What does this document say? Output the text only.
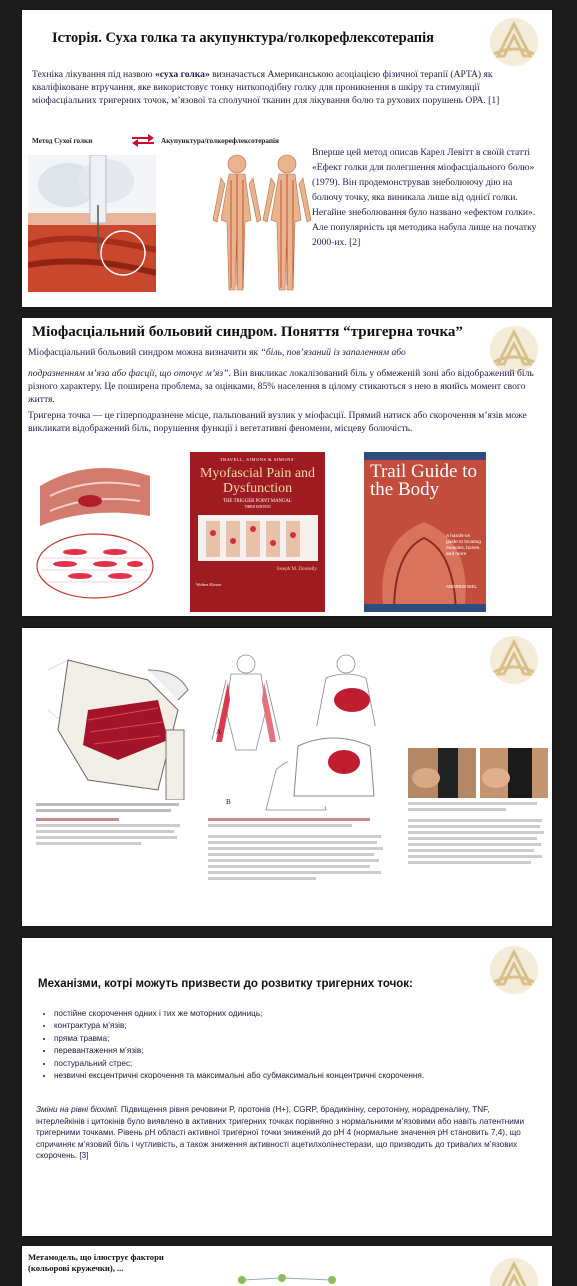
Історія. Суха голка та акупунктура/голкорефлексотерапія
Техніка лікування під назвою «суха голка» визначається Американською асоціацією фізичної терапії (APTA) як кваліфіковане втручання, яке використовує тонку ниткоподібну голку для проникнення в шкіру та стимуляції міофасціальних тригерних точок, м’язової та сполучної тканин для лікування болю та рухових порушень ОРА. [1]
Метод Сухої голки	Акупунктура/голкорефлексотерапія
Вперше цей метод описав Карел Левітт в своїй статті «Ефект голки для полегшення міофасціального болю» (1979). Він продемонстрував знеболюючу дію на болючу точку, яка виникала лише від однієї голки. Негайне знеболювання було названо «ефектом голки». Але популярність ця методика набула лише на початку 2000-их. [2]
Міофасціальний больовий синдром. Поняття “тригерна точка”
Міофасціальний больовий синдром можна визначити як “біль, пов’язаний із запаленням або
подразненням м’яза або фасції, що оточує м’яз”. Він викликає локалізований біль у обмеженій зоні або відображений біль різного характеру. Це поширена проблема, за оцінками, 85% населення в цілому стикаються з нею в якийсь момент свого життя.
Тригерна точка — це гіперподразнене місце, пальпований вузлик у міофасції. Прямий натиск або скорочення м’язів може викликати відображений біль, порушення функції і вегетативні феномени, місцеву болючість.
TRAVELL, SIMONS & SIMONS'
Myofascial Pain and Dysfunction
THE TRIGGER POINT MANUAL
THIRD EDITION
Joseph M. Donnelly
Wolters Kluwer
Trail Guide to the Body
A hands-on guide to locating muscles, bones, and more
ANDREW BIEL
A
B
Механізми, котрі можуть призвести до розвитку тригерних точок:
• постійне скорочення одних і тих же моторних одиниць;
• контрактура м’язів;
• пряма травма;
• перевантаження м’язів;
• постуральний стрес;
• незвичні ексцентричні скорочення та максимальні або субмаксимальні концентричні скорочення.
Зміни на рівні біохімії. Підвищення рівня речовини P, протонів (H+), CGRP, брадикініну, серотоніну, норадреналіну, TNF, інтерлейкінів і цитокінів було виявлено в активних тригерних точках порівняно з нормальними м’язовими або навіть латентними тригерними точками. Рівень pH області активної тригерної точки знижений до pH 4 (нормальне значення pH становить 7,4), що спричиняє м’язовий біль і чутливість, а також зниження активності ацетилхолінестерази, що призводить до тривалих м’язових скорочень. [3]
Метамодель, що ілюструє фактори (кольорові кружечки), ...
